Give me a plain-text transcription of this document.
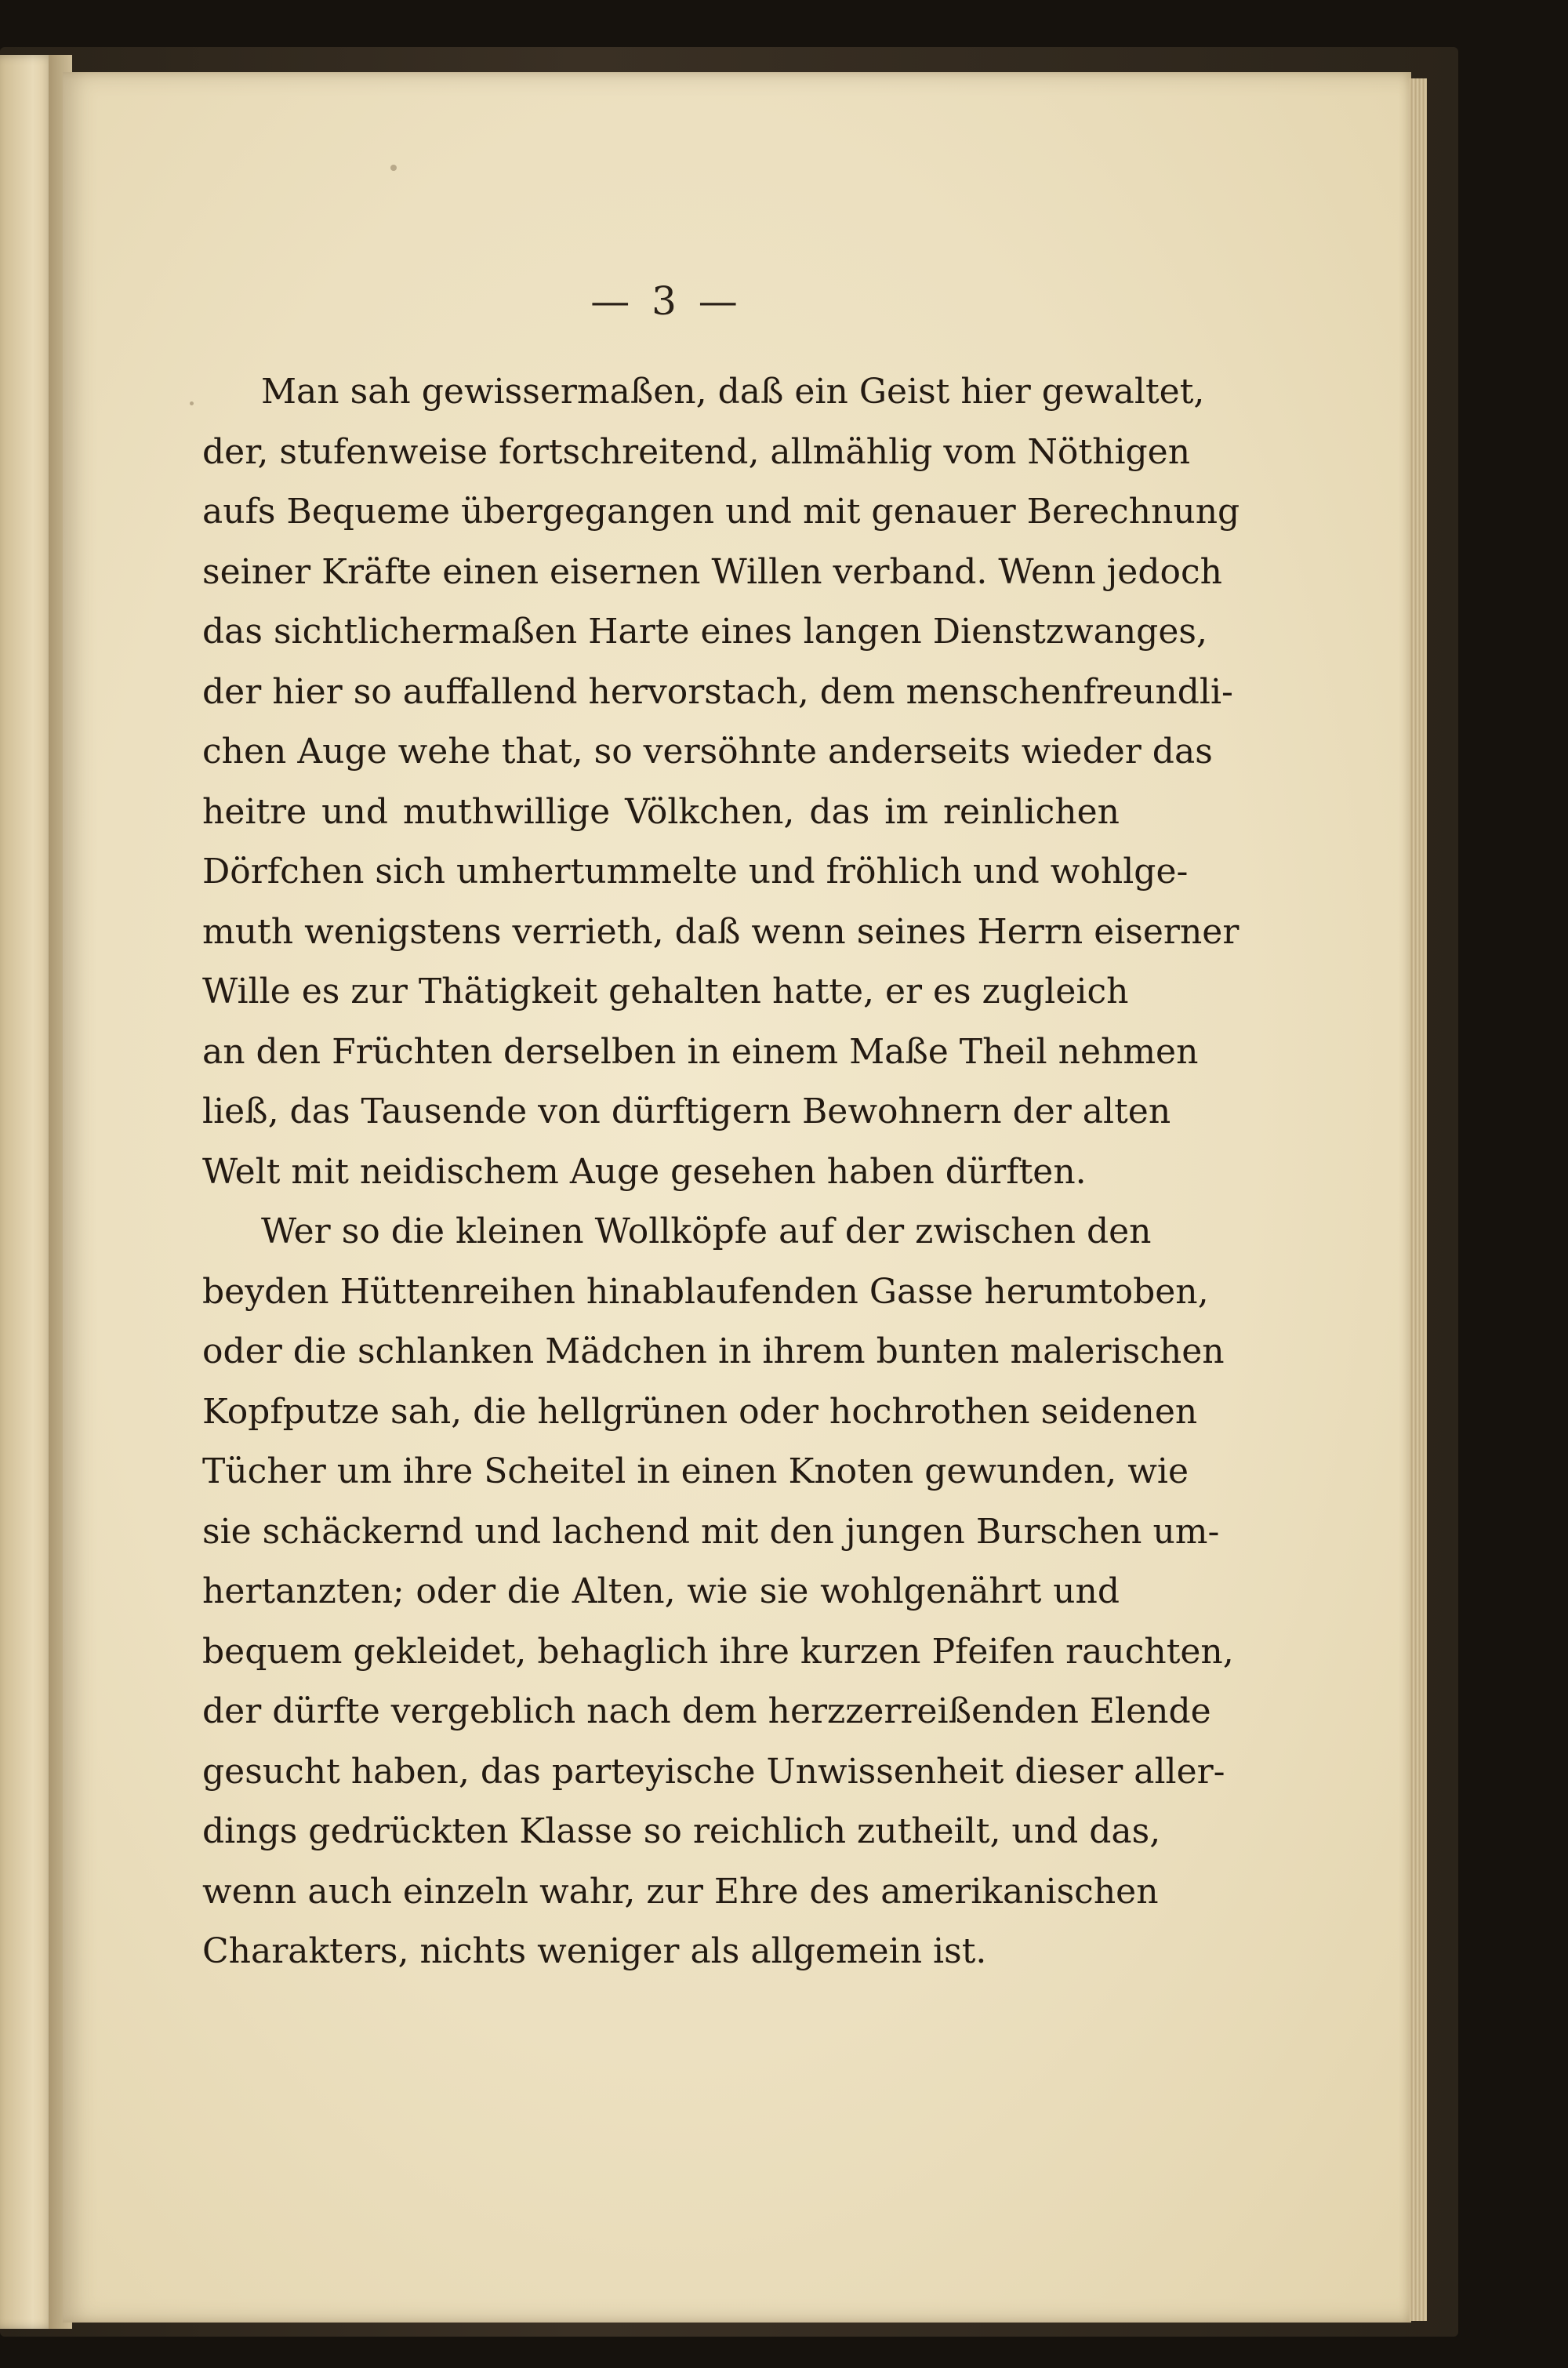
— 3 —
Man sah gewissermaßen, daß ein Geist hier gewaltet,
der, stufenweise fortschreitend, allmählig vom Nöthigen
aufs Bequeme übergegangen und mit genauer Berechnung
seiner Kräfte einen eisernen Willen verband. Wenn jedoch
das sichtlichermaßen Harte eines langen Dienstzwanges,
der hier so auffallend hervorstach, dem menschenfreundli-
chen Auge wehe that, so versöhnte anderseits wieder das
heitre und muthwillige Völkchen, das im reinlichen
Dörfchen sich umhertummelte und fröhlich und wohlge-
muth wenigstens verrieth, daß wenn seines Herrn eiserner
Wille es zur Thätigkeit gehalten hatte, er es zugleich
an den Früchten derselben in einem Maße Theil nehmen
ließ, das Tausende von dürftigern Bewohnern der alten
Welt mit neidischem Auge gesehen haben dürften.
Wer so die kleinen Wollköpfe auf der zwischen den
beyden Hüttenreihen hinablaufenden Gasse herumtoben,
oder die schlanken Mädchen in ihrem bunten malerischen
Kopfputze sah, die hellgrünen oder hochrothen seidenen
Tücher um ihre Scheitel in einen Knoten gewunden, wie
sie schäckernd und lachend mit den jungen Burschen um-
hertanzten; oder die Alten, wie sie wohlgenährt und
bequem gekleidet, behaglich ihre kurzen Pfeifen rauchten,
der dürfte vergeblich nach dem herzzerreißenden Elende
gesucht haben, das parteyische Unwissenheit dieser aller-
dings gedrückten Klasse so reichlich zutheilt, und das,
wenn auch einzeln wahr, zur Ehre des amerikanischen
Charakters, nichts weniger als allgemein ist.
